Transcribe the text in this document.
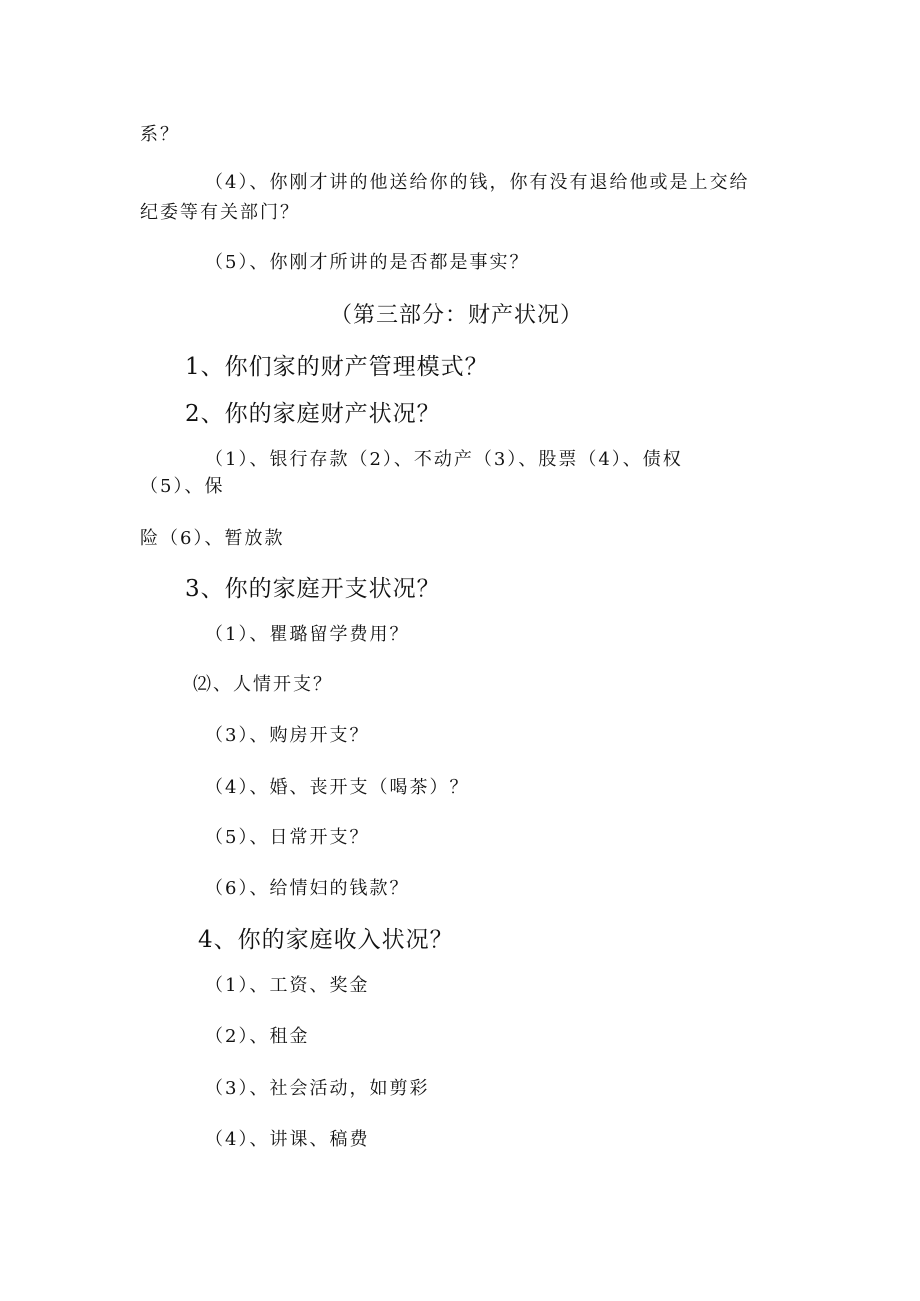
系？

（4）、你刚才讲的他送给你的钱，你有没有退给他或是上交给

纪委等有关部门？

（5）、你刚才所讲的是否都是事实？

（第三部分：财产状况）

1、你们家的财产管理模式？

2、你的家庭财产状况？

（1）、银行存款（2）、不动产（3）、股票（4）、债权

（5）、保

险（6）、暂放款

3、你的家庭开支状况？

（1）、瞿璐留学费用？

⑵、人情开支？

（3）、购房开支？

（4）、婚、丧开支（喝茶）？

（5）、日常开支？

（6）、给情妇的钱款？

4、你的家庭收入状况？

（1）、工资、奖金

（2）、租金

（3）、社会活动，如剪彩

（4）、讲课、稿费
